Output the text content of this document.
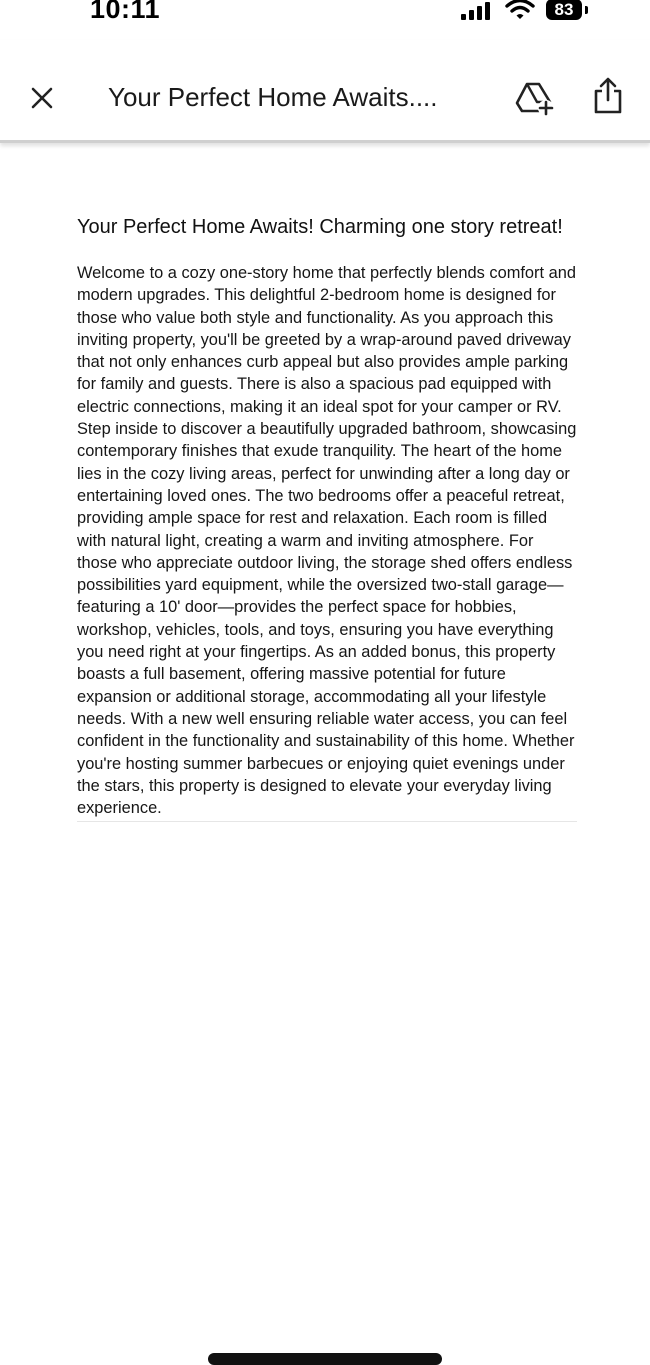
10:11	83
Your Perfect Home Awaits....
Your Perfect Home Awaits! Charming one story retreat!

Welcome to a cozy one-story home that perfectly blends comfort and modern upgrades. This delightful 2-bedroom home is designed for those who value both style and functionality. As you approach this inviting property, you'll be greeted by a wrap-around paved driveway that not only enhances curb appeal but also provides ample parking for family and guests. There is also a spacious pad equipped with electric connections, making it an ideal spot for your camper or RV. Step inside to discover a beautifully upgraded bathroom, showcasing contemporary finishes that exude tranquility. The heart of the home lies in the cozy living areas, perfect for unwinding after a long day or entertaining loved ones. The two bedrooms offer a peaceful retreat, providing ample space for rest and relaxation. Each room is filled with natural light, creating a warm and inviting atmosphere. For those who appreciate outdoor living, the storage shed offers endless possibilities yard equipment, while the oversized two-stall garage—featuring a 10' door—provides the perfect space for hobbies, workshop, vehicles, tools, and toys, ensuring you have everything you need right at your fingertips. As an added bonus, this property boasts a full basement, offering massive potential for future expansion or additional storage, accommodating all your lifestyle needs. With a new well ensuring reliable water access, you can feel confident in the functionality and sustainability of this home. Whether you're hosting summer barbecues or enjoying quiet evenings under the stars, this property is designed to elevate your everyday living experience.
